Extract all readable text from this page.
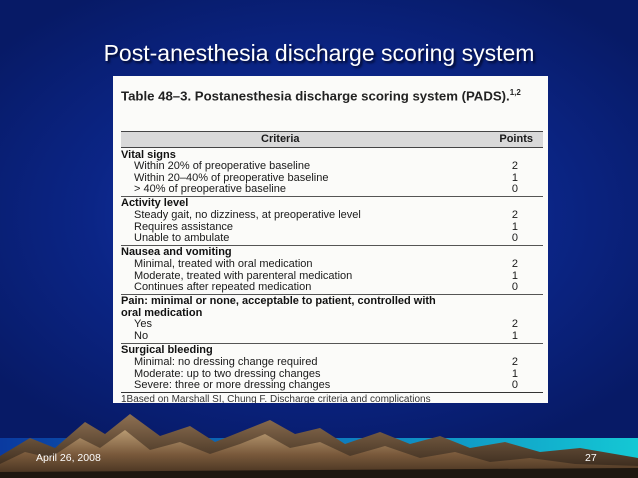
Post-anesthesia discharge scoring system
Table 48–3. Postanesthesia discharge scoring system (PADS).$^{1,2}$
Criteria	Points
Vital signs
Within 20% of preoperative baseline	2
Within 20–40% of preoperative baseline	1
> 40% of preoperative baseline	0
Activity level
Steady gait, no dizziness, at preoperative level	2
Requires assistance	1
Unable to ambulate	0
Nausea and vomiting
Minimal, treated with oral medication	2
Moderate, treated with parenteral medication	1
Continues after repeated medication	0
Pain: minimal or none, acceptable to patient, controlled with oral medication
Yes	2
No	1
Surgical bleeding
Minimal: no dressing change required	2
Moderate: up to two dressing changes	1
Severe: three or more dressing changes	0
1Based on Marshall SI, Chung F. Discharge criteria and complications
April 26, 2008	27
